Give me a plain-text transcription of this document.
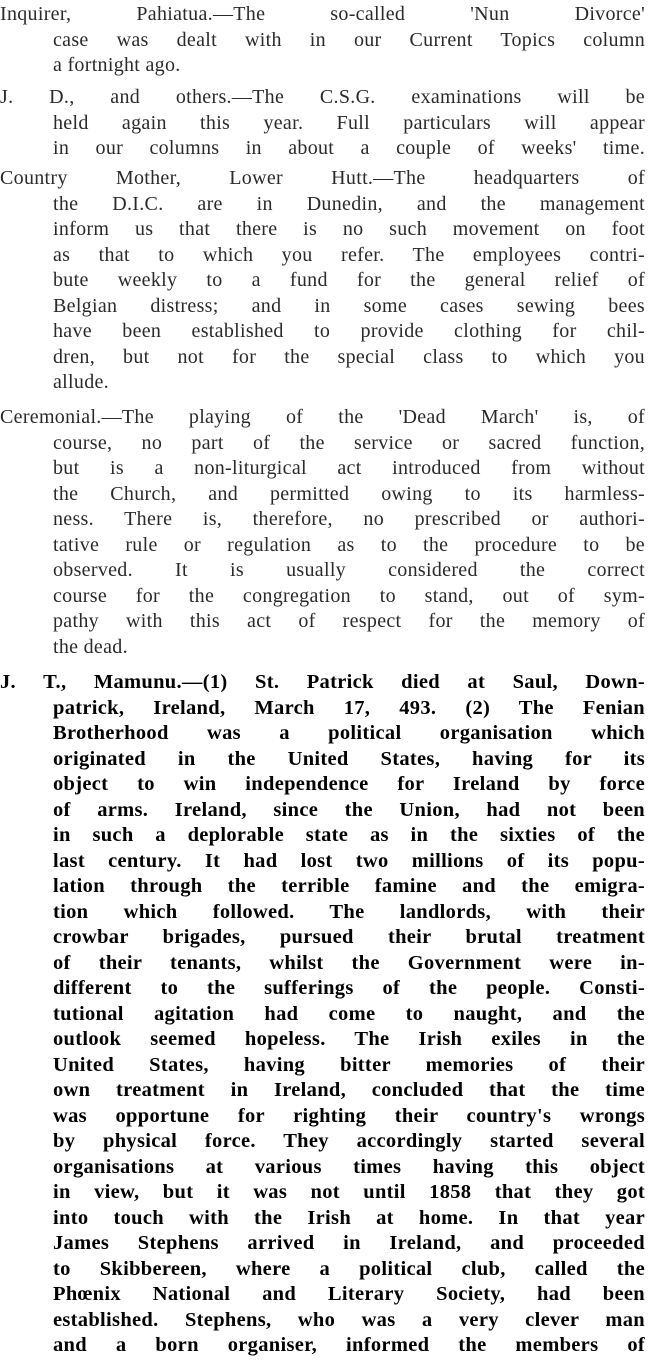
Inquirer, Pahiatua.—The so-called 'Nun Divorce'
case was dealt with in our Current Topics column
a fortnight ago.
J. D., and others.—The C.S.G. examinations will be
held again this year. Full particulars will appear
in our columns in about a couple of weeks' time.
Country Mother, Lower Hutt.—The headquarters of
the D.I.C. are in Dunedin, and the management
inform us that there is no such movement on foot
as that to which you refer. The employees contri-
bute weekly to a fund for the general relief of
Belgian distress; and in some cases sewing bees
have been established to provide clothing for chil-
dren, but not for the special class to which you
allude.
Ceremonial.—The playing of the 'Dead March' is, of
course, no part of the service or sacred function,
but is a non-liturgical act introduced from without
the Church, and permitted owing to its harmless-
ness. There is, therefore, no prescribed or authori-
tative rule or regulation as to the procedure to be
observed. It is usually considered the correct
course for the congregation to stand, out of sym-
pathy with this act of respect for the memory of
the dead.
J. T., Mamunu.—(1) St. Patrick died at Saul, Down-
patrick, Ireland, March 17, 493. (2) The Fenian
Brotherhood was a political organisation which
originated in the United States, having for its
object to win independence for Ireland by force
of arms. Ireland, since the Union, had not been
in such a deplorable state as in the sixties of the
last century. It had lost two millions of its popu-
lation through the terrible famine and the emigra-
tion which followed. The landlords, with their
crowbar brigades, pursued their brutal treatment
of their tenants, whilst the Government were in-
different to the sufferings of the people. Consti-
tutional agitation had come to naught, and the
outlook seemed hopeless. The Irish exiles in the
United States, having bitter memories of their
own treatment in Ireland, concluded that the time
was opportune for righting their country's wrongs
by physical force. They accordingly started several
organisations at various times having this object
in view, but it was not until 1858 that they got
into touch with the Irish at home. In that year
James Stephens arrived in Ireland, and proceeded
to Skibbereen, where a political club, called the
Phœnix National and Literary Society, had been
established. Stephens, who was a very clever man
and a born organiser, informed the members of
